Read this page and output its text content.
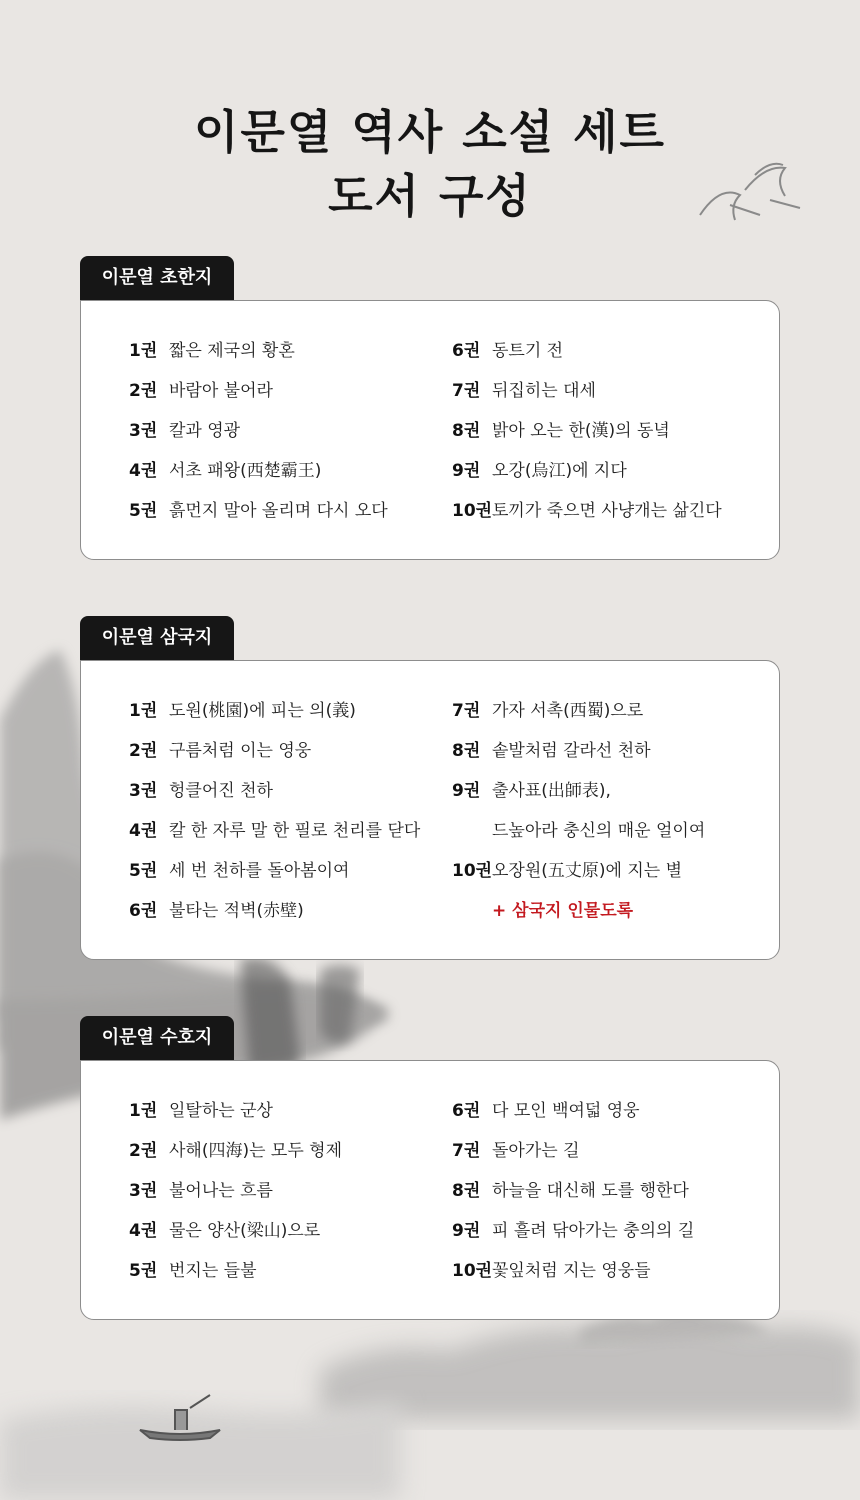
이문열 역사 소설 세트
도서 구성
이문열 초한지
1권 짧은 제국의 황혼
2권 바람아 불어라
3권 칼과 영광
4권 서초 패왕(西楚霸王)
5권 흙먼지 말아 올리며 다시 오다
6권 동트기 전
7권 뒤집히는 대세
8권 밝아 오는 한(漢)의 동녘
9권 오강(烏江)에 지다
10권토끼가 죽으면 사냥개는 삶긴다
이문열 삼국지
1권 도원(桃園)에 피는 의(義)
2권 구름처럼 이는 영웅
3권 헝클어진 천하
4권 칼 한 자루 말 한 필로 천리를 닫다
5권 세 번 천하를 돌아봄이여
6권 불타는 적벽(赤壁)
7권 가자 서촉(西蜀)으로
8권 솥발처럼 갈라선 천하
9권 출사표(出師表),
드높아라 충신의 매운 얼이여
10권오장원(五丈原)에 지는 별
+ 삼국지 인물도록
이문열 수호지
1권 일탈하는 군상
2권 사해(四海)는 모두 형제
3권 불어나는 흐름
4권 물은 양산(梁山)으로
5권 번지는 들불
6권 다 모인 백여덟 영웅
7권 돌아가는 길
8권 하늘을 대신해 도를 행한다
9권 피 흘려 닦아가는 충의의 길
10권꽃잎처럼 지는 영웅들
